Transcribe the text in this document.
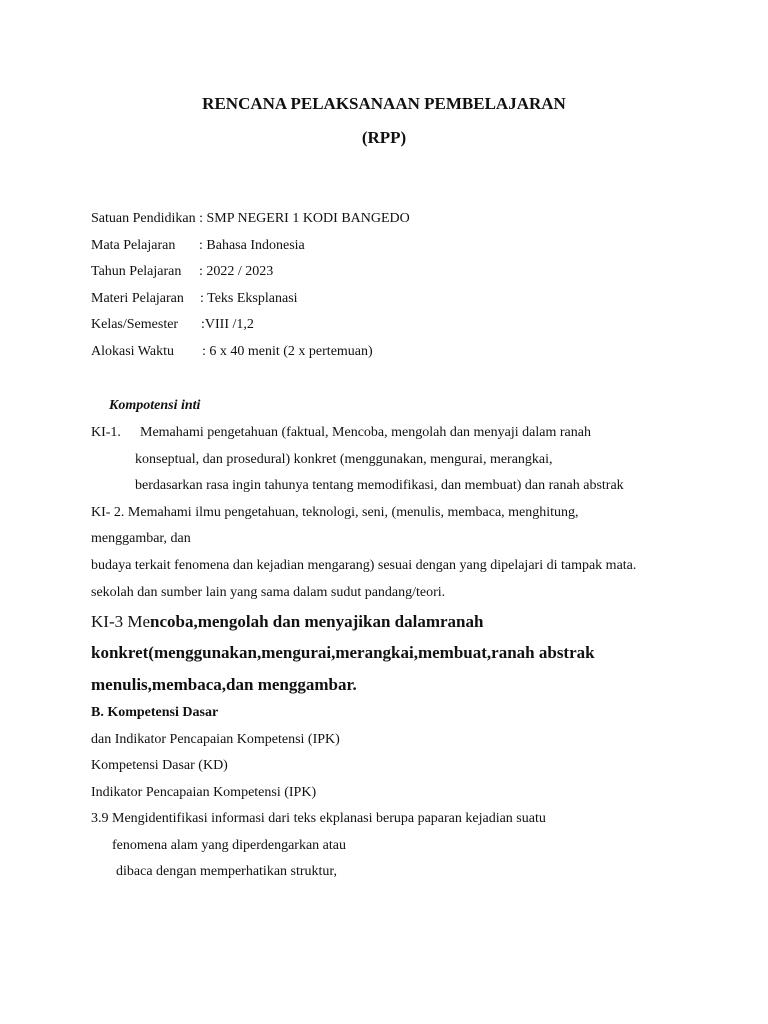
RENCANA PELAKSANAAN PEMBELAJARAN
(RPP)
Satuan Pendidikan : SMP NEGERI 1 KODI BANGEDO
Mata Pelajaran : Bahasa Indonesia
Tahun Pelajaran : 2022 / 2023
Materi Pelajaran : Teks Eksplanasi
Kelas/Semester :VIII /1,2
Alokasi Waktu : 6 x 40 menit (2 x pertemuan)
Kompotensi inti
KI-1. Memahami pengetahuan (faktual, Mencoba, mengolah dan menyaji dalam ranah
konseptual, dan prosedural) konkret (menggunakan, mengurai, merangkai,
berdasarkan rasa ingin tahunya tentang memodifikasi, dan membuat) dan ranah abstrak
KI- 2. Memahami ilmu pengetahuan, teknologi, seni, (menulis, membaca, menghitung,
menggambar, dan
budaya terkait fenomena dan kejadian mengarang) sesuai dengan yang dipelajari di tampak mata.
sekolah dan sumber lain yang sama dalam sudut pandang/teori.
KI-3 Mencoba,mengolah dan menyajikan dalamranah
konkret(menggunakan,mengurai,merangkai,membuat,ranah abstrak
menulis,membaca,dan menggambar.
B. Kompetensi Dasar
dan Indikator Pencapaian Kompetensi (IPK)
Kompetensi Dasar (KD)
Indikator Pencapaian Kompetensi (IPK)
3.9 Mengidentifikasi informasi dari teks ekplanasi berupa paparan kejadian suatu
fenomena alam yang diperdengarkan atau
dibaca dengan memperhatikan struktur,
